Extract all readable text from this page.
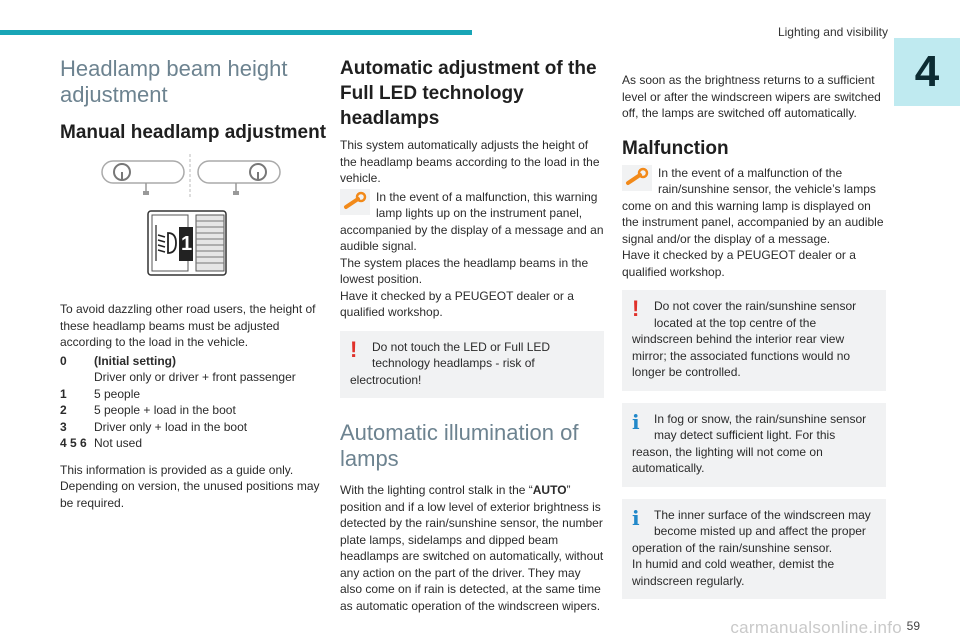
Lighting and visibility
4
Headlamp beam height adjustment
Manual headlamp adjustment
1

To avoid dazzling other road users, the height of these headlamp beams must be adjusted according to the load in the vehicle.

0	(Initial setting)
Driver only or driver + front passenger
1	5 people
2	5 people + load in the boot
3	Driver only + load in the boot
4 5 6 Not used

This information is provided as a guide only. Depending on version, the unused positions may be required.

Automatic adjustment of the Full LED technology headlamps

This system automatically adjusts the height of the headlamp beams according to the load in the vehicle.

In the event of a malfunction, this warning lamp lights up on the instrument panel, accompanied by the display of a message and an audible signal.

The system places the headlamp beams in the lowest position.

Have it checked by a PEUGEOT dealer or a qualified workshop.

!	Do not touch the LED or Full LED technology headlamps - risk of electrocution!
Automatic illumination of lamps

With the lighting control stalk in the “AUTO” position and if a low level of exterior brightness is detected by the rain/sunshine sensor, the number plate lamps, sidelamps and dipped beam headlamps are switched on automatically, without any action on the part of the driver. They may also come on if rain is detected, at the same time as automatic operation of the windscreen wipers.

As soon as the brightness returns to a sufficient level or after the windscreen wipers are switched off, the lamps are switched off automatically.

Malfunction

In the event of a malfunction of the rain/sunshine sensor, the vehicle’s lamps come on and this warning lamp is displayed on the instrument panel, accompanied by an audible signal and/or the display of a message.

Have it checked by a PEUGEOT dealer or a qualified workshop.

!	Do not cover the rain/sunshine sensor located at the top centre of the windscreen behind the interior rear view mirror; the associated functions would no longer be controlled.
i	In fog or snow, the rain/sunshine sensor may detect sufficient light. For this reason, the lighting will not come on automatically.
i	The inner surface of the windscreen may become misted up and affect the proper operation of the rain/sunshine sensor.
In humid and cold weather, demist the windscreen regularly.
carmanualsonline.info 59
